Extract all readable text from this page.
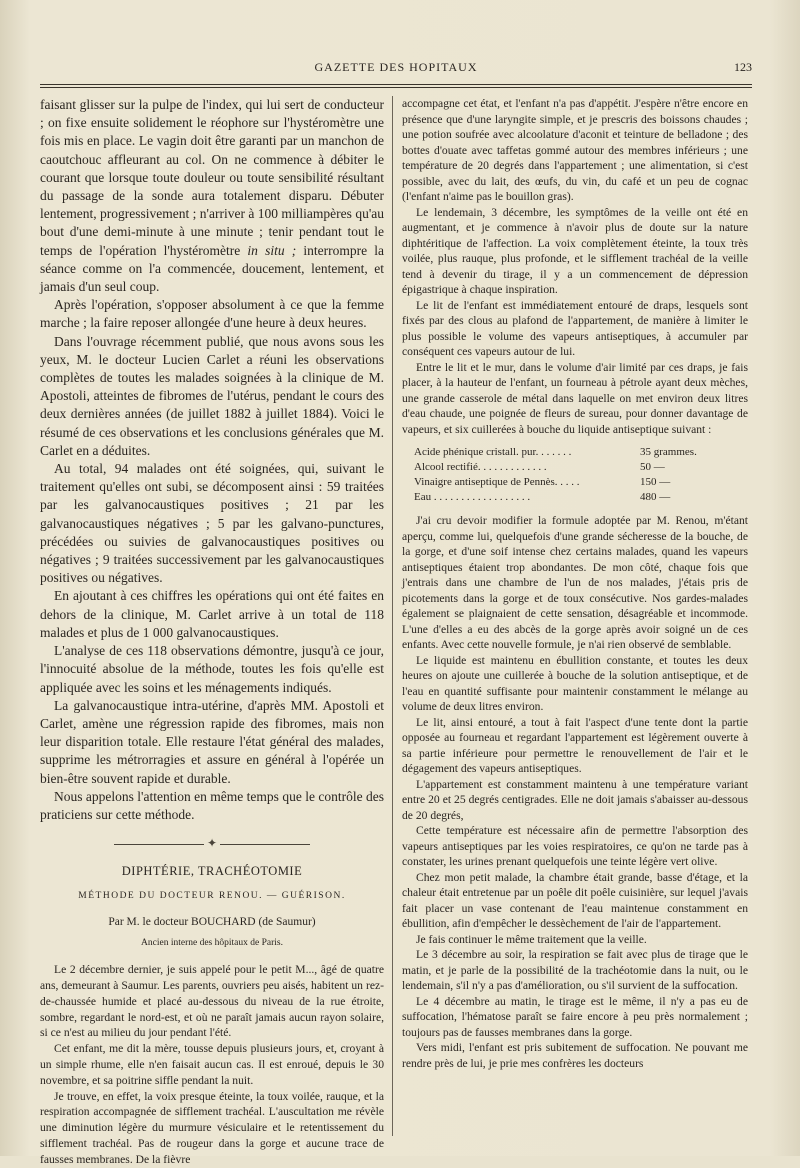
GAZETTE DES HOPITAUX	123

faisant glisser sur la pulpe de l'index, qui lui sert de conducteur ; on fixe ensuite solidement le réophore sur l'hystéromètre une fois mis en place. Le vagin doit être garanti par un manchon de caoutchouc affleurant au col. On ne commence à débiter le courant que lorsque toute douleur ou toute sensibilité résultant du passage de la sonde aura totalement disparu. Débuter lentement, progressivement ; n'arriver à 100 milliampères qu'au bout d'une demi-minute à une minute ; tenir pendant tout le temps de l'opération l'hystéromètre in situ ; interrompre la séance comme on l'a commencée, doucement, lentement, et jamais d'un seul coup.

Après l'opération, s'opposer absolument à ce que la femme marche ; la faire reposer allongée d'une heure à deux heures.

Dans l'ouvrage récemment publié, que nous avons sous les yeux, M. le docteur Lucien Carlet a réuni les observations complètes de toutes les malades soignées à la clinique de M. Apostoli, atteintes de fibromes de l'utérus, pendant le cours des deux dernières années (de juillet 1882 à juillet 1884). Voici le résumé de ces observations et les conclusions générales que M. Carlet en a déduites.

Au total, 94 malades ont été soignées, qui, suivant le traitement qu'elles ont subi, se décomposent ainsi : 59 traitées par les galvanocaustiques positives ; 21 par les galvanocaustiques négatives ; 5 par les galvano-punctures, précédées ou suivies de galvanocaustiques positives ou négatives ; 9 traitées successivement par les galvanocaustiques positives ou négatives.

En ajoutant à ces chiffres les opérations qui ont été faites en dehors de la clinique, M. Carlet arrive à un total de 118 malades et plus de 1 000 galvanocaustiques.

L'analyse de ces 118 observations démontre, jusqu'à ce jour, l'innocuité absolue de la méthode, toutes les fois qu'elle est appliquée avec les soins et les ménagements indiqués.

La galvanocaustique intra-utérine, d'après MM. Apostoli et Carlet, amène une régression rapide des fibromes, mais non leur disparition totale. Elle restaure l'état général des malades, supprime les métrorragies et assure en général à l'opérée un bien-être souvent rapide et durable.

Nous appelons l'attention en même temps que le contrôle des praticiens sur cette méthode.

✦
DIPHTÉRIE, TRACHÉOTOMIE
MÉTHODE DU DOCTEUR RENOU. — GUÉRISON.
Par M. le docteur BOUCHARD (de Saumur)
Ancien interne des hôpitaux de Paris.

Le 2 décembre dernier, je suis appelé pour le petit M..., âgé de quatre ans, demeurant à Saumur. Les parents, ouvriers peu aisés, habitent un rez-de-chaussée humide et placé au-dessous du niveau de la rue étroite, sombre, regardant le nord-est, et où ne paraît jamais aucun rayon solaire, si ce n'est au milieu du jour pendant l'été.

Cet enfant, me dit la mère, tousse depuis plusieurs jours, et, croyant à un simple rhume, elle n'en faisait aucun cas. Il est enroué, depuis le 30 novembre, et sa poitrine siffle pendant la nuit.

Je trouve, en effet, la voix presque éteinte, la toux voilée, rauque, et la respiration accompagnée de sifflement trachéal. L'auscultation me révèle une diminution légère du murmure vésiculaire et le retentissement du sifflement trachéal. Pas de rougeur dans la gorge et aucune trace de fausses membranes. De la fièvre

accompagne cet état, et l'enfant n'a pas d'appétit. J'espère n'être encore en présence que d'une laryngite simple, et je prescris des boissons chaudes ; une potion soufrée avec alcoolature d'aconit et teinture de belladone ; des bottes d'ouate avec taffetas gommé autour des membres inférieurs ; une température de 20 degrés dans l'appartement ; une alimentation, si c'est possible, avec du lait, des œufs, du vin, du café et un peu de cognac (l'enfant n'aime pas le bouillon gras).

Le lendemain, 3 décembre, les symptômes de la veille ont été en augmentant, et je commence à n'avoir plus de doute sur la nature diphtéritique de l'affection. La voix complètement éteinte, la toux très voilée, plus rauque, plus profonde, et le sifflement trachéal de la veille tend à devenir du tirage, il y a un commencement de dépression épigastrique à chaque inspiration.

Le lit de l'enfant est immédiatement entouré de draps, lesquels sont fixés par des clous au plafond de l'appartement, de manière à limiter le plus possible le volume des vapeurs antiseptiques, à accumuler par conséquent ces vapeurs autour de lui.

Entre le lit et le mur, dans le volume d'air limité par ces draps, je fais placer, à la hauteur de l'enfant, un fourneau à pétrole ayant deux mèches, une grande casserole de métal dans laquelle on met environ deux litres d'eau chaude, une poignée de fleurs de sureau, pour donner davantage de vapeurs, et six cuillerées à bouche du liquide antiseptique suivant :

Acide phénique cristall. pur. . . . . . .	35 grammes.
Alcool rectifié. . . . . . . . . . . . .	50 —
Vinaigre antiseptique de Pennès. . . . .	150 —
Eau . . . . . . . . . . . . . . . . . .	480 —

J'ai cru devoir modifier la formule adoptée par M. Renou, m'étant aperçu, comme lui, quelquefois d'une grande sécheresse de la bouche, de la gorge, et d'une soif intense chez certains malades, quand les vapeurs antiseptiques étaient trop abondantes. De mon côté, chaque fois que j'entrais dans une chambre de l'un de nos malades, j'étais pris de picotements dans la gorge et de toux consécutive. Nos gardes-malades également se plaignaient de cette sensation, désagréable et incommode. L'une d'elles a eu des abcès de la gorge après avoir soigné un de ces enfants. Avec cette nouvelle formule, je n'ai rien observé de semblable.

Le liquide est maintenu en ébullition constante, et toutes les deux heures on ajoute une cuillerée à bouche de la solution antiseptique, et de l'eau en quantité suffisante pour maintenir constamment le mélange au volume de deux litres environ.

Le lit, ainsi entouré, a tout à fait l'aspect d'une tente dont la partie opposée au fourneau et regardant l'appartement est légèrement ouverte à sa partie inférieure pour permettre le renouvellement de l'air et le dégagement des vapeurs antiseptiques.

L'appartement est constamment maintenu à une température variant entre 20 et 25 degrés centigrades. Elle ne doit jamais s'abaisser au-dessous de 20 degrés,

Cette température est nécessaire afin de permettre l'absorption des vapeurs antiseptiques par les voies respiratoires, ce qu'on ne tarde pas à constater, les urines prenant quelquefois une teinte légère vert olive.

Chez mon petit malade, la chambre était grande, basse d'étage, et la chaleur était entretenue par un poêle dit poêle cuisinière, sur lequel j'avais fait placer un vase contenant de l'eau maintenue constamment en ébullition, afin d'empêcher le dessèchement de l'air de l'appartement.

Je fais continuer le même traitement que la veille.

Le 3 décembre au soir, la respiration se fait avec plus de tirage que le matin, et je parle de la possibilité de la trachéotomie dans la nuit, ou le lendemain, s'il n'y a pas d'amélioration, ou s'il survient de la suffocation.

Le 4 décembre au matin, le tirage est le même, il n'y a pas eu de suffocation, l'hématose paraît se faire encore à peu près normalement ; toujours pas de fausses membranes dans la gorge.

Vers midi, l'enfant est pris subitement de suffocation. Ne pouvant me rendre près de lui, je prie mes confrères les docteurs
